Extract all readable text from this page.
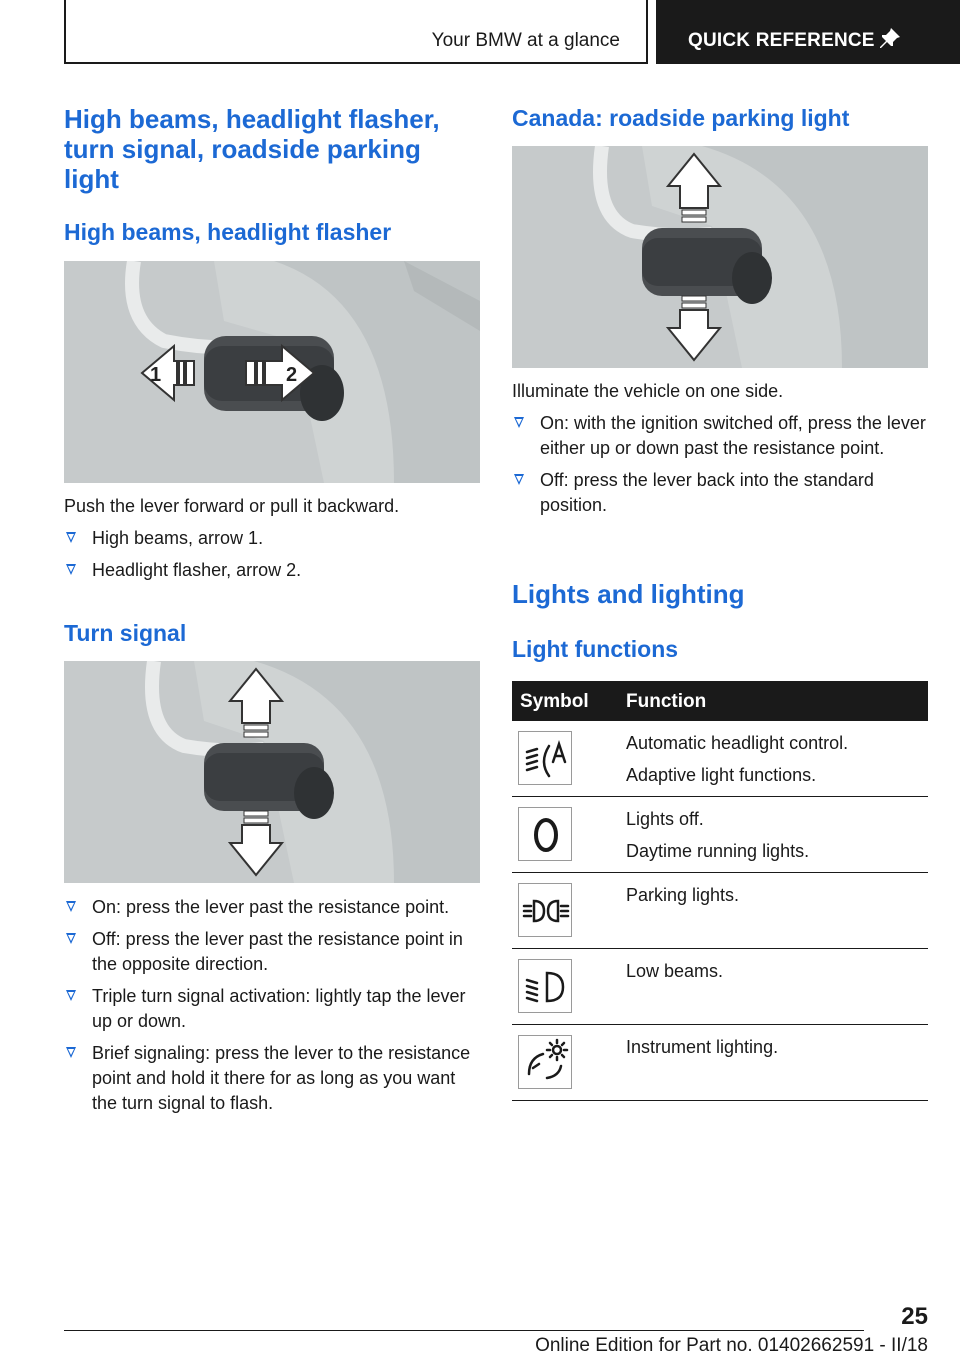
Your BMW at a glance	QUICK REFERENCE
High beams, headlight flasher, turn signal, roadside parking light
High beams, headlight flasher
1	2

Push the lever forward or pull it backward.

High beams, arrow 1.
Headlight flasher, arrow 2.
Turn signal
On: press the lever past the resistance point.
Off: press the lever past the resistance point in the opposite direction.
Triple turn signal activation: lightly tap the lever up or down.
Brief signaling: press the lever to the resistance point and hold it there for as long as you want the turn signal to flash.
Canada: roadside parking light

Illuminate the vehicle on one side.

On: with the ignition switched off, press the lever either up or down past the resistance point.
Off: press the lever back into the standard position.
Lights and lighting
Light functions
Symbol Function
Automatic headlight control.
Adaptive light functions.
Lights off.
Daytime running lights.
Parking lights.
Low beams.
Instrument lighting.
25
Online Edition for Part no. 01402662591 - II/18
